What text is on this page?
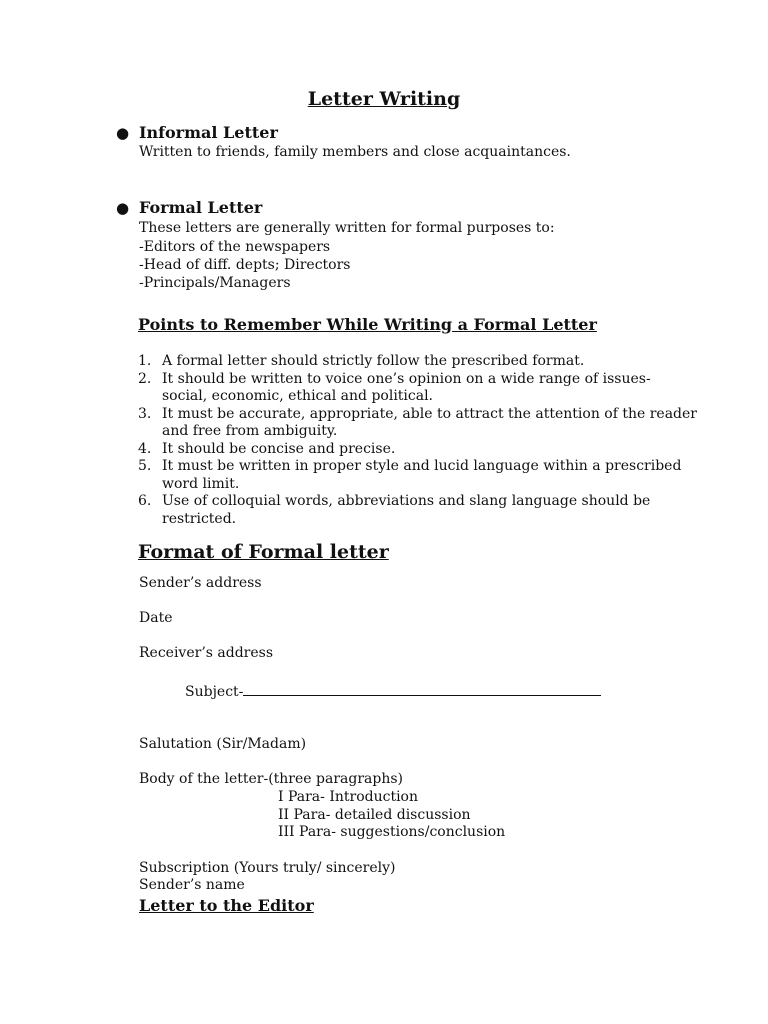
Letter Writing
● Informal Letter
Written to friends, family members and close acquaintances.
● Formal Letter
These letters are generally written for formal purposes to:
-Editors of the newspapers
-Head of diff. depts; Directors
-Principals/Managers
Points to Remember While Writing a Formal Letter
1. A formal letter should strictly follow the prescribed format.
2. It should be written to voice one’s opinion on a wide range of issues- social, economic, ethical and political.
3. It must be accurate, appropriate, able to attract the attention of the reader and free from ambiguity.
4. It should be concise and precise.
5. It must be written in proper style and lucid language within a prescribed word limit.
6. Use of colloquial words, abbreviations and slang language should be restricted.
Format of Formal letter
Sender’s address
Date
Receiver’s address
Subject-
Salutation (Sir/Madam)
Body of the letter-(three paragraphs)
I Para- Introduction
II Para- detailed discussion
III Para- suggestions/conclusion
Subscription (Yours truly/ sincerely)
Sender’s name
Letter to the Editor
